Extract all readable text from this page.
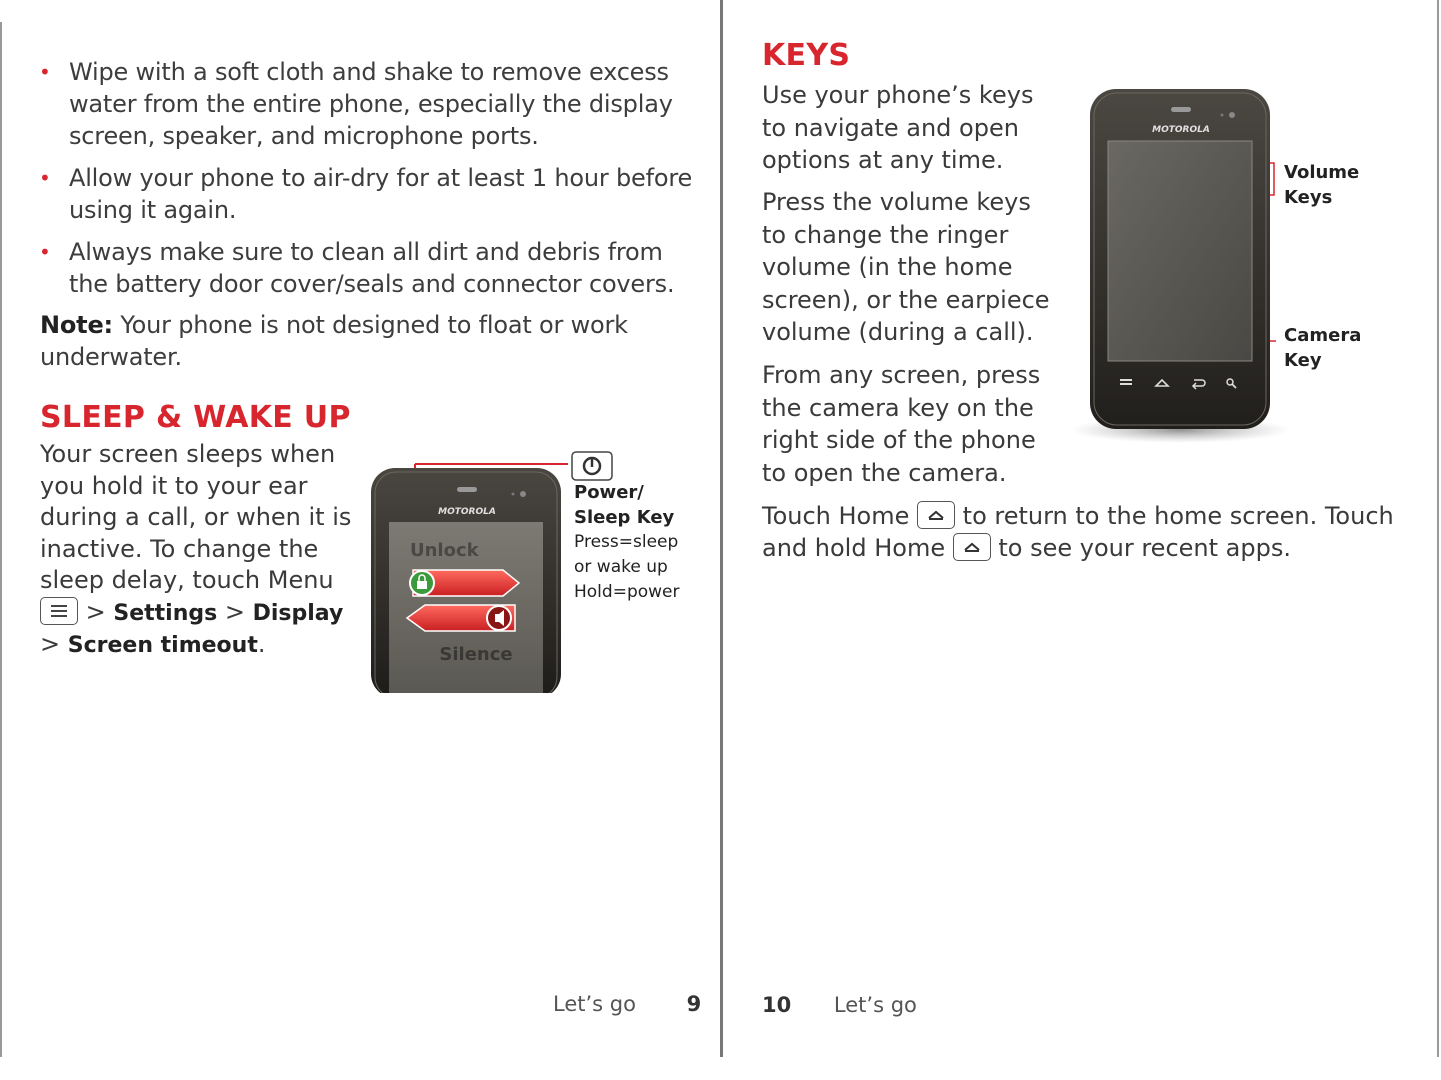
• Wipe with a soft cloth and shake to remove excess water from the entire phone, especially the display screen, speaker, and microphone ports.
• Allow your phone to air-dry for at least 1 hour before using it again.
• Always make sure to clean all dirt and debris from the battery door cover/seals and connector covers.
Note: Your phone is not designed to float or work underwater.
SLEEP & WAKE UP
Your screen sleeps when you hold it to your ear during a call, or when it is inactive. To change the sleep delay, touch Menu
> Settings > Display > Screen timeout.
MOTOROLA
Unlock
Silence
Power/
Sleep Key
Press=sleep
or wake up
Hold=power
Let’s go 9
KEYS
Use your phone’s keys to navigate and open options at any time.
Press the volume keys to change the ringer volume (in the home screen), or the earpiece volume (during a call).
From any screen, press the camera key on the right side of the phone to open the camera.
MOTOROLA
Volume
Keys
Camera
Key
Touch Home
to return to the home screen. Touch and hold Home
to see your recent apps.
10 Let’s go
